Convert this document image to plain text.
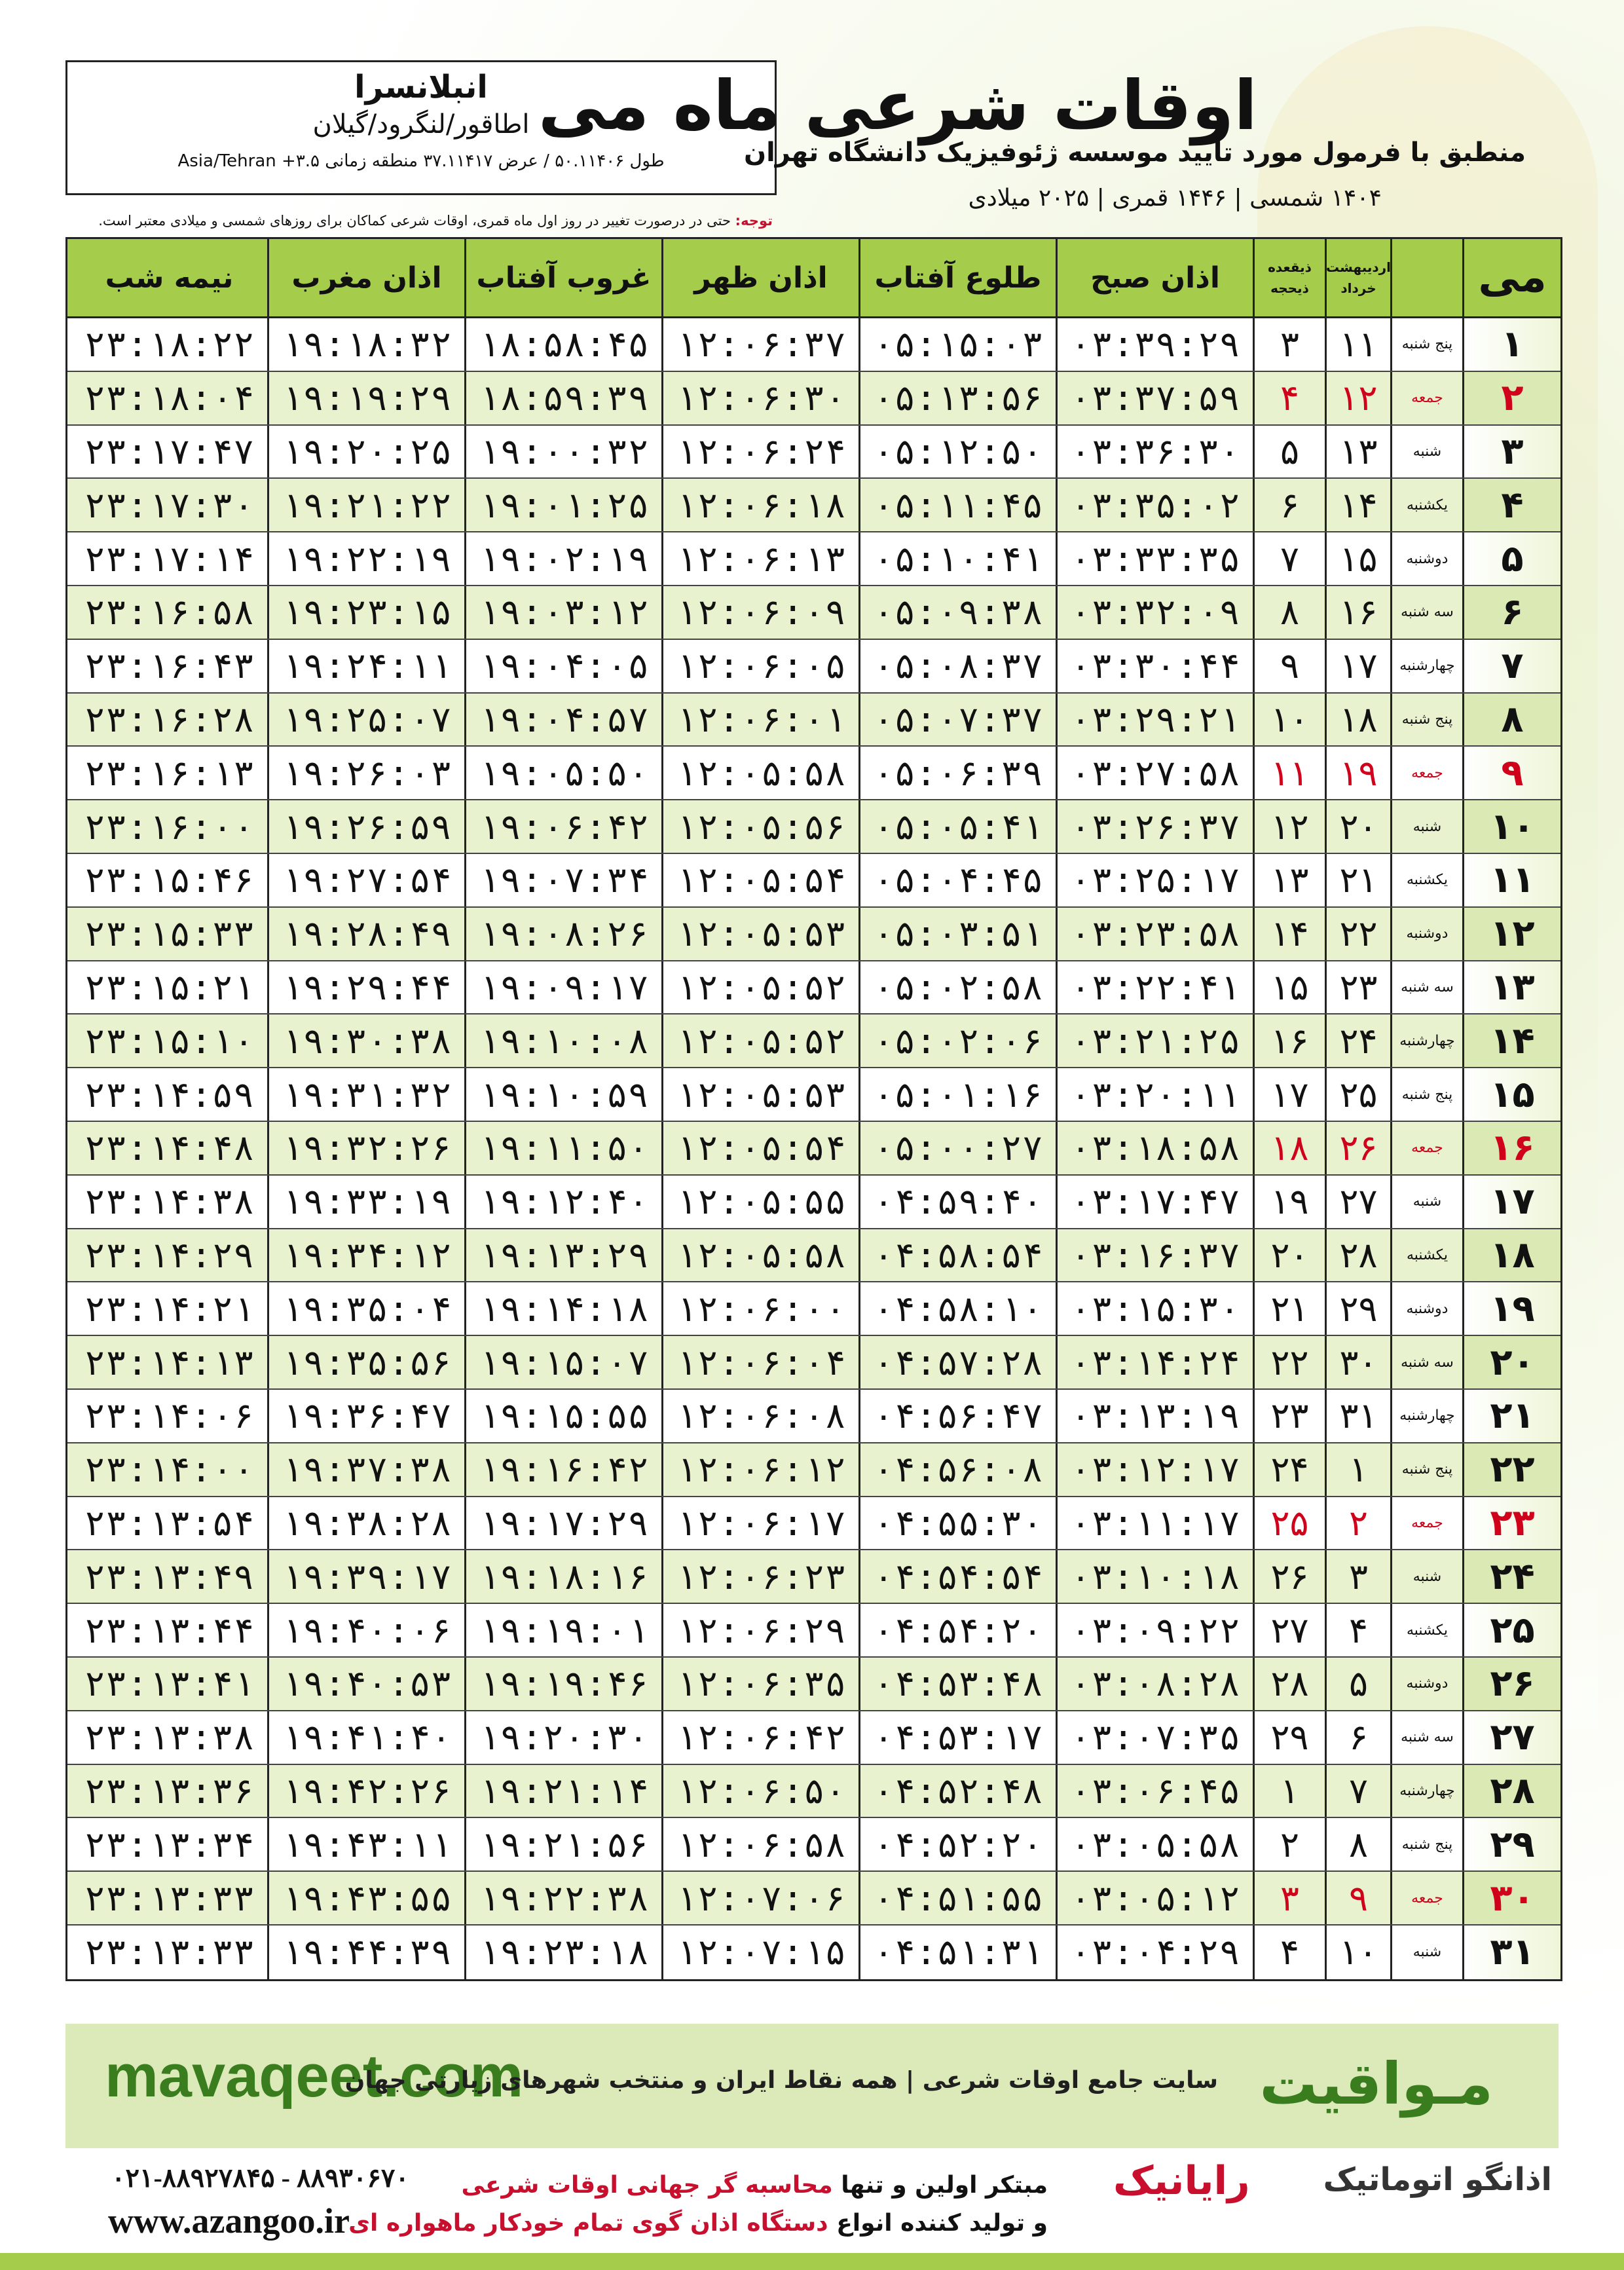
انبلانسرا
اطاقور/لنگرود/گیلان
طول ۵۰.۱۱۴۰۶ / عرض ۳۷.۱۱۴۱۷ منطقه زمانی ۳.۵+ Asia/Tehran
اوقات شرعی ماه می
منطبق با فرمول مورد تایید موسسه ژئوفیزیک دانشگاه تهران
۱۴۰۴ شمسی | ۱۴۴۶ قمری | ۲۰۲۵ میلادی
توجه: حتی در درصورت تغییر در روز اول ماه قمری، اوقات شرعی کماکان برای روزهای شمسی و میلادی معتبر است.
می
اردیبهشت
خرداد
ذیقعده
ذیحجه
اذان صبح
طلوع آفتاب
اذان ظهر
غروب آفتاب
اذان مغرب
نیمه شب
۱
پنج شنبه
۱۱
۳
۰۳:۳۹:۲۹
۰۵:۱۵:۰۳
۱۲:۰۶:۳۷
۱۸:۵۸:۴۵
۱۹:۱۸:۳۲
۲۳:۱۸:۲۲
۲
جمعه
۱۲
۴
۰۳:۳۷:۵۹
۰۵:۱۳:۵۶
۱۲:۰۶:۳۰
۱۸:۵۹:۳۹
۱۹:۱۹:۲۹
۲۳:۱۸:۰۴
۳
شنبه
۱۳
۵
۰۳:۳۶:۳۰
۰۵:۱۲:۵۰
۱۲:۰۶:۲۴
۱۹:۰۰:۳۲
۱۹:۲۰:۲۵
۲۳:۱۷:۴۷
۴
یکشنبه
۱۴
۶
۰۳:۳۵:۰۲
۰۵:۱۱:۴۵
۱۲:۰۶:۱۸
۱۹:۰۱:۲۵
۱۹:۲۱:۲۲
۲۳:۱۷:۳۰
۵
دوشنبه
۱۵
۷
۰۳:۳۳:۳۵
۰۵:۱۰:۴۱
۱۲:۰۶:۱۳
۱۹:۰۲:۱۹
۱۹:۲۲:۱۹
۲۳:۱۷:۱۴
۶
سه شنبه
۱۶
۸
۰۳:۳۲:۰۹
۰۵:۰۹:۳۸
۱۲:۰۶:۰۹
۱۹:۰۳:۱۲
۱۹:۲۳:۱۵
۲۳:۱۶:۵۸
۷
چهارشنبه
۱۷
۹
۰۳:۳۰:۴۴
۰۵:۰۸:۳۷
۱۲:۰۶:۰۵
۱۹:۰۴:۰۵
۱۹:۲۴:۱۱
۲۳:۱۶:۴۳
۸
پنج شنبه
۱۸
۱۰
۰۳:۲۹:۲۱
۰۵:۰۷:۳۷
۱۲:۰۶:۰۱
۱۹:۰۴:۵۷
۱۹:۲۵:۰۷
۲۳:۱۶:۲۸
۹
جمعه
۱۹
۱۱
۰۳:۲۷:۵۸
۰۵:۰۶:۳۹
۱۲:۰۵:۵۸
۱۹:۰۵:۵۰
۱۹:۲۶:۰۳
۲۳:۱۶:۱۳
۱۰
شنبه
۲۰
۱۲
۰۳:۲۶:۳۷
۰۵:۰۵:۴۱
۱۲:۰۵:۵۶
۱۹:۰۶:۴۲
۱۹:۲۶:۵۹
۲۳:۱۶:۰۰
۱۱
یکشنبه
۲۱
۱۳
۰۳:۲۵:۱۷
۰۵:۰۴:۴۵
۱۲:۰۵:۵۴
۱۹:۰۷:۳۴
۱۹:۲۷:۵۴
۲۳:۱۵:۴۶
۱۲
دوشنبه
۲۲
۱۴
۰۳:۲۳:۵۸
۰۵:۰۳:۵۱
۱۲:۰۵:۵۳
۱۹:۰۸:۲۶
۱۹:۲۸:۴۹
۲۳:۱۵:۳۳
۱۳
سه شنبه
۲۳
۱۵
۰۳:۲۲:۴۱
۰۵:۰۲:۵۸
۱۲:۰۵:۵۲
۱۹:۰۹:۱۷
۱۹:۲۹:۴۴
۲۳:۱۵:۲۱
۱۴
چهارشنبه
۲۴
۱۶
۰۳:۲۱:۲۵
۰۵:۰۲:۰۶
۱۲:۰۵:۵۲
۱۹:۱۰:۰۸
۱۹:۳۰:۳۸
۲۳:۱۵:۱۰
۱۵
پنج شنبه
۲۵
۱۷
۰۳:۲۰:۱۱
۰۵:۰۱:۱۶
۱۲:۰۵:۵۳
۱۹:۱۰:۵۹
۱۹:۳۱:۳۲
۲۳:۱۴:۵۹
۱۶
جمعه
۲۶
۱۸
۰۳:۱۸:۵۸
۰۵:۰۰:۲۷
۱۲:۰۵:۵۴
۱۹:۱۱:۵۰
۱۹:۳۲:۲۶
۲۳:۱۴:۴۸
۱۷
شنبه
۲۷
۱۹
۰۳:۱۷:۴۷
۰۴:۵۹:۴۰
۱۲:۰۵:۵۵
۱۹:۱۲:۴۰
۱۹:۳۳:۱۹
۲۳:۱۴:۳۸
۱۸
یکشنبه
۲۸
۲۰
۰۳:۱۶:۳۷
۰۴:۵۸:۵۴
۱۲:۰۵:۵۸
۱۹:۱۳:۲۹
۱۹:۳۴:۱۲
۲۳:۱۴:۲۹
۱۹
دوشنبه
۲۹
۲۱
۰۳:۱۵:۳۰
۰۴:۵۸:۱۰
۱۲:۰۶:۰۰
۱۹:۱۴:۱۸
۱۹:۳۵:۰۴
۲۳:۱۴:۲۱
۲۰
سه شنبه
۳۰
۲۲
۰۳:۱۴:۲۴
۰۴:۵۷:۲۸
۱۲:۰۶:۰۴
۱۹:۱۵:۰۷
۱۹:۳۵:۵۶
۲۳:۱۴:۱۳
۲۱
چهارشنبه
۳۱
۲۳
۰۳:۱۳:۱۹
۰۴:۵۶:۴۷
۱۲:۰۶:۰۸
۱۹:۱۵:۵۵
۱۹:۳۶:۴۷
۲۳:۱۴:۰۶
۲۲
پنج شنبه
۱
۲۴
۰۳:۱۲:۱۷
۰۴:۵۶:۰۸
۱۲:۰۶:۱۲
۱۹:۱۶:۴۲
۱۹:۳۷:۳۸
۲۳:۱۴:۰۰
۲۳
جمعه
۲
۲۵
۰۳:۱۱:۱۷
۰۴:۵۵:۳۰
۱۲:۰۶:۱۷
۱۹:۱۷:۲۹
۱۹:۳۸:۲۸
۲۳:۱۳:۵۴
۲۴
شنبه
۳
۲۶
۰۳:۱۰:۱۸
۰۴:۵۴:۵۴
۱۲:۰۶:۲۳
۱۹:۱۸:۱۶
۱۹:۳۹:۱۷
۲۳:۱۳:۴۹
۲۵
یکشنبه
۴
۲۷
۰۳:۰۹:۲۲
۰۴:۵۴:۲۰
۱۲:۰۶:۲۹
۱۹:۱۹:۰۱
۱۹:۴۰:۰۶
۲۳:۱۳:۴۴
۲۶
دوشنبه
۵
۲۸
۰۳:۰۸:۲۸
۰۴:۵۳:۴۸
۱۲:۰۶:۳۵
۱۹:۱۹:۴۶
۱۹:۴۰:۵۳
۲۳:۱۳:۴۱
۲۷
سه شنبه
۶
۲۹
۰۳:۰۷:۳۵
۰۴:۵۳:۱۷
۱۲:۰۶:۴۲
۱۹:۲۰:۳۰
۱۹:۴۱:۴۰
۲۳:۱۳:۳۸
۲۸
چهارشنبه
۷
۱
۰۳:۰۶:۴۵
۰۴:۵۲:۴۸
۱۲:۰۶:۵۰
۱۹:۲۱:۱۴
۱۹:۴۲:۲۶
۲۳:۱۳:۳۶
۲۹
پنج شنبه
۸
۲
۰۳:۰۵:۵۸
۰۴:۵۲:۲۰
۱۲:۰۶:۵۸
۱۹:۲۱:۵۶
۱۹:۴۳:۱۱
۲۳:۱۳:۳۴
۳۰
جمعه
۹
۳
۰۳:۰۵:۱۲
۰۴:۵۱:۵۵
۱۲:۰۷:۰۶
۱۹:۲۲:۳۸
۱۹:۴۳:۵۵
۲۳:۱۳:۳۳
۳۱
شنبه
۱۰
۴
۰۳:۰۴:۲۹
۰۴:۵۱:۳۱
۱۲:۰۷:۱۵
۱۹:۲۳:۱۸
۱۹:۴۴:۳۹
۲۳:۱۳:۳۳
mavaqeet.com
سایت جامع اوقات شرعی | همه نقاط ایران و منتخب شهرهای زیارتی جهان مـواقیت
۰۲۱-۸۸۹۲۷۸۴۵ - ۸۸۹۳۰۶۷۰
www.azangoo.ir
مبتکر اولین و تنها محاسبه گر جهانی اوقات شرعی
و تولید کننده انواع دستگاه اذان گوی تمام خودکار ماهواره ای
رایانیک اذانگو اتوماتیک
